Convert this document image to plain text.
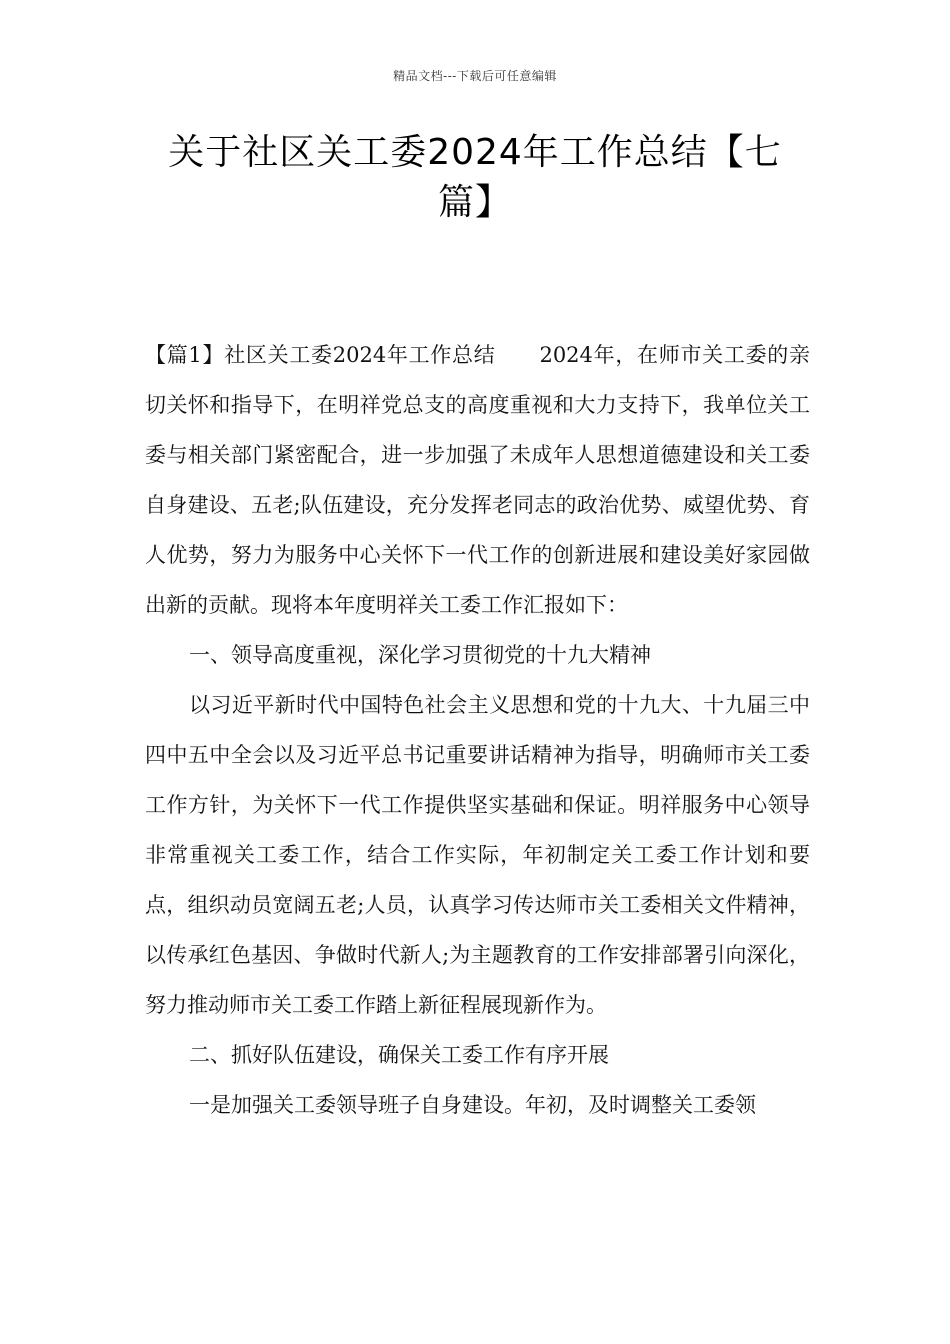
精品文档---下载后可任意编辑
关于社区关工委2024年工作总结【七篇】

【篇1】社区关工委2024年工作总结 2024年，在师市关工委的亲切关怀和指导下，在明祥党总支的高度重视和大力支持下，我单位关工委与相关部门紧密配合，进一步加强了未成年人思想道德建设和关工委自身建设、五老;队伍建设，充分发挥老同志的政治优势、威望优势、育人优势，努力为服务中心关怀下一代工作的创新进展和建设美好家园做出新的贡献。现将本年度明祥关工委工作汇报如下：

一、领导高度重视，深化学习贯彻党的十九大精神

以习近平新时代中国特色社会主义思想和党的十九大、十九届三中四中五中全会以及习近平总书记重要讲话精神为指导，明确师市关工委工作方针，为关怀下一代工作提供坚实基础和保证。明祥服务中心领导非常重视关工委工作，结合工作实际，年初制定关工委工作计划和要点，组织动员宽阔五老;人员，认真学习传达师市关工委相关文件精神，以传承红色基因、争做时代新人;为主题教育的工作安排部署引向深化，努力推动师市关工委工作踏上新征程展现新作为。

二、抓好队伍建设，确保关工委工作有序开展

一是加强关工委领导班子自身建设。年初，及时调整关工委领
